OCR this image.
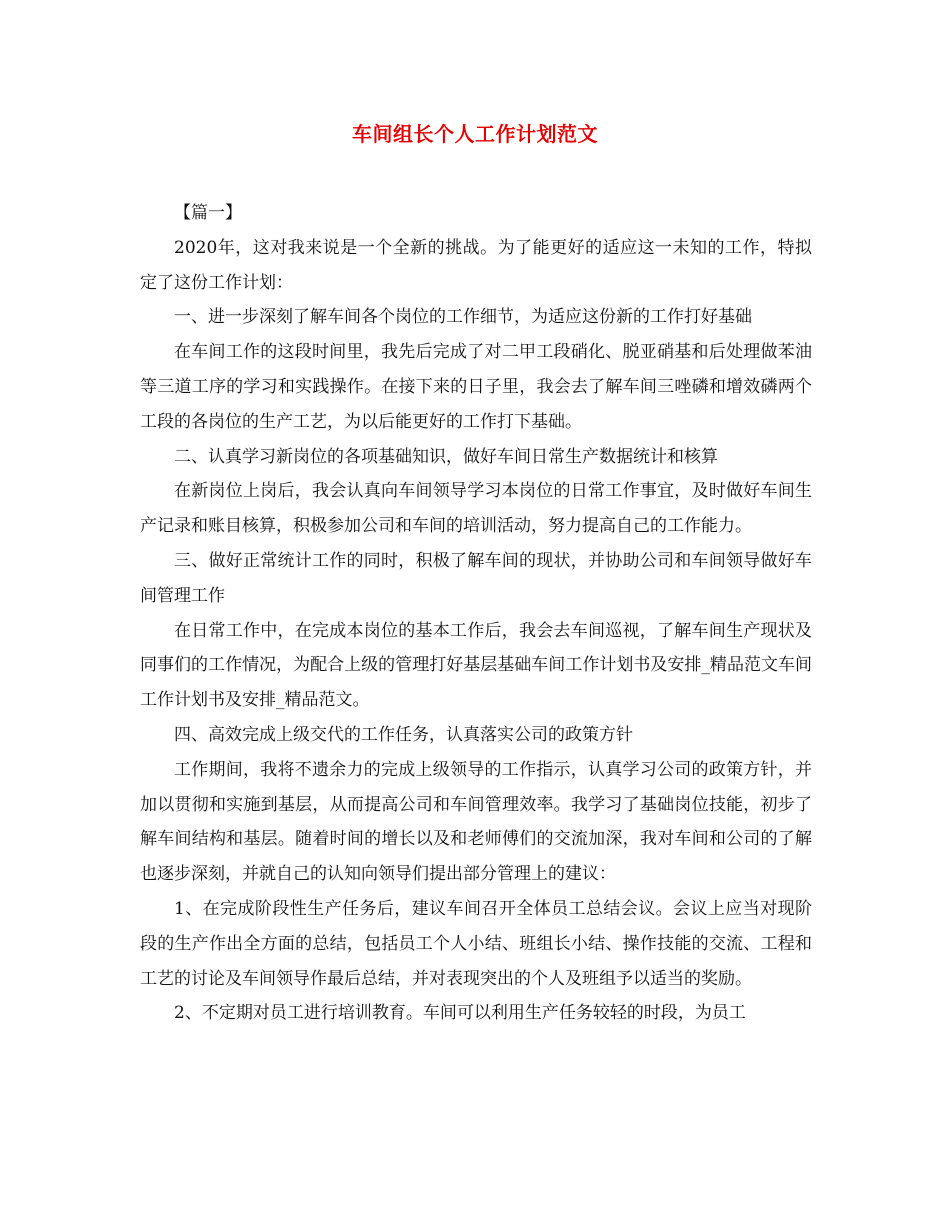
车间组长个人工作计划范文

【篇一】

2020年，这对我来说是一个全新的挑战。为了能更好的适应这一未知的工作，特拟定了这份工作计划：

一、进一步深刻了解车间各个岗位的工作细节，为适应这份新的工作打好基础

在车间工作的这段时间里，我先后完成了对二甲工段硝化、脱亚硝基和后处理做苯油等三道工序的学习和实践操作。在接下来的日子里，我会去了解车间三唑磷和增效磷两个工段的各岗位的生产工艺，为以后能更好的工作打下基础。

二、认真学习新岗位的各项基础知识，做好车间日常生产数据统计和核算

在新岗位上岗后，我会认真向车间领导学习本岗位的日常工作事宜，及时做好车间生产记录和账目核算，积极参加公司和车间的培训活动，努力提高自己的工作能力。

三、做好正常统计工作的同时，积极了解车间的现状，并协助公司和车间领导做好车间管理工作

在日常工作中，在完成本岗位的基本工作后，我会去车间巡视，了解车间生产现状及同事们的工作情况，为配合上级的管理打好基层基础车间工作计划书及安排_精品范文车间工作计划书及安排_精品范文。

四、高效完成上级交代的工作任务，认真落实公司的政策方针

工作期间，我将不遗余力的完成上级领导的工作指示，认真学习公司的政策方针，并加以贯彻和实施到基层，从而提高公司和车间管理效率。我学习了基础岗位技能，初步了解车间结构和基层。随着时间的增长以及和老师傅们的交流加深，我对车间和公司的了解也逐步深刻，并就自己的认知向领导们提出部分管理上的建议：

1、在完成阶段性生产任务后，建议车间召开全体员工总结会议。会议上应当对现阶段的生产作出全方面的总结，包括员工个人小结、班组长小结、操作技能的交流、工程和工艺的讨论及车间领导作最后总结，并对表现突出的个人及班组予以适当的奖励。

2、不定期对员工进行培训教育。车间可以利用生产任务较轻的时段，为员工
